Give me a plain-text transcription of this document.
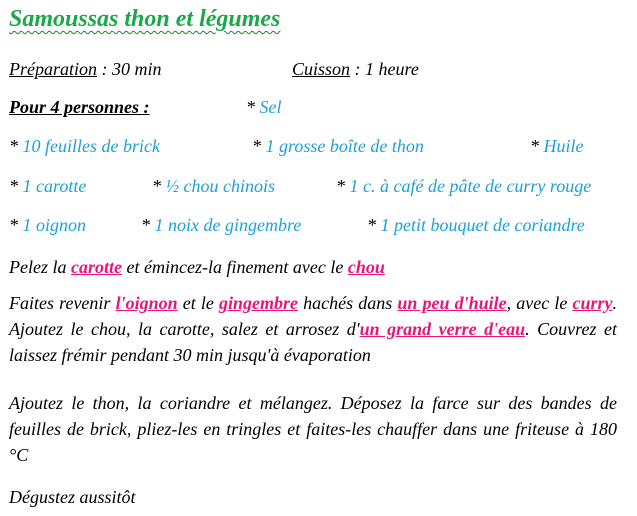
Samoussas thon et légumes
Préparation : 30 min	Cuisson : 1 heure
Pour 4 personnes :	* Sel
* 10 feuilles de brick	* 1 grosse boîte de thon	* Huile
* 1 carotte	* ½ chou chinois	* 1 c. à café de pâte de curry rouge
* 1 oignon	* 1 noix de gingembre	* 1 petit bouquet de coriandre
Pelez la carotte et émincez-la finement avec le chou
Faites revenir l'oignon et le gingembre hachés dans un peu d'huile, avec le curry. Ajoutez le chou, la carotte, salez et arrosez d'un grand verre d'eau. Couvrez et laissez frémir pendant 30 min jusqu'à évaporation
Ajoutez le thon, la coriandre et mélangez. Déposez la farce sur des bandes de feuilles de brick, pliez-les en tringles et faites-les chauffer dans une friteuse à 180 °C
Dégustez aussitôt
